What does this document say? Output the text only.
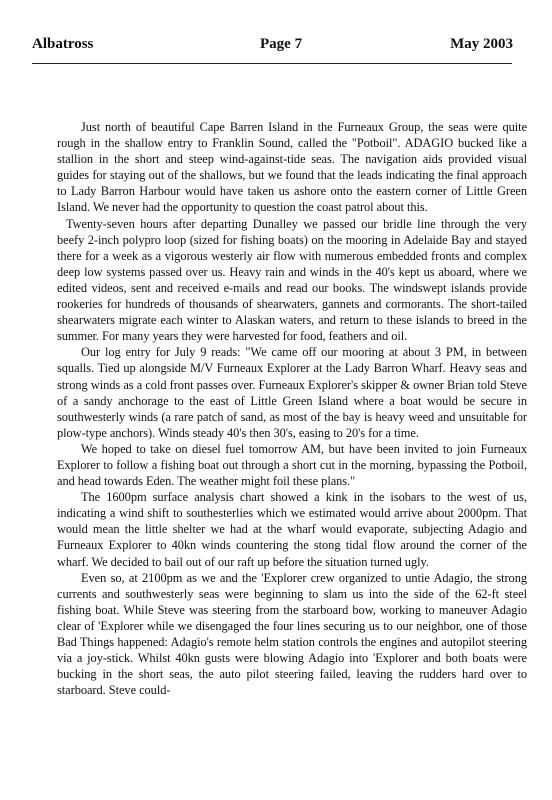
Albatross	Page 7	May 2003

Just north of beautiful Cape Barren Island in the Furneaux Group, the seas were quite rough in the shallow entry to Franklin Sound, called the "Potboil". ADAGIO bucked like a stallion in the short and steep wind-against-tide seas. The navigation aids provided visual guides for staying out of the shallows, but we found that the leads indicating the final approach to Lady Barron Harbour would have taken us ashore onto the eastern corner of Little Green Island. We never had the opportunity to question the coast patrol about this.

Twenty-seven hours after departing Dunalley we passed our bridle line through the very beefy 2-inch polypro loop (sized for fishing boats) on the mooring in Adelaide Bay and stayed there for a week as a vigorous westerly air flow with numerous embedded fronts and complex deep low systems passed over us. Heavy rain and winds in the 40's kept us aboard, where we edited videos, sent and received e-mails and read our books. The windswept islands provide rookeries for hundreds of thousands of shearwaters, gannets and cormorants. The short-tailed shearwaters migrate each winter to Alaskan waters, and return to these islands to breed in the summer. For many years they were harvested for food, feathers and oil.

Our log entry for July 9 reads: "We came off our mooring at about 3 PM, in between squalls. Tied up alongside M/V Furneaux Explorer at the Lady Barron Wharf. Heavy seas and strong winds as a cold front passes over. Furneaux Explorer's skipper & owner Brian told Steve of a sandy anchorage to the east of Little Green Island where a boat would be secure in southwesterly winds (a rare patch of sand, as most of the bay is heavy weed and unsuitable for plow-type anchors). Winds steady 40's then 30's, easing to 20's for a time.

We hoped to take on diesel fuel tomorrow AM, but have been invited to join Furneaux Explorer to follow a fishing boat out through a short cut in the morning, bypassing the Potboil, and head towards Eden. The weather might foil these plans."

The 1600pm surface analysis chart showed a kink in the isobars to the west of us, indicating a wind shift to southesterlies which we estimated would arrive about 2000pm. That would mean the little shelter we had at the wharf would evaporate, subjecting Adagio and Furneaux Explorer to 40kn winds countering the stong tidal flow around the corner of the wharf. We decided to bail out of our raft up before the situation turned ugly.

Even so, at 2100pm as we and the 'Explorer crew organized to untie Adagio, the strong currents and southwesterly seas were beginning to slam us into the side of the 62-ft steel fishing boat. While Steve was steering from the starboard bow, working to maneuver Adagio clear of 'Explorer while we disengaged the four lines securing us to our neighbor, one of those Bad Things happened: Adagio's remote helm station controls the engines and autopilot steering via a joy-stick. Whilst 40kn gusts were blowing Adagio into 'Explorer and both boats were bucking in the short seas, the auto pilot steering failed, leaving the rudders hard over to starboard. Steve could-
